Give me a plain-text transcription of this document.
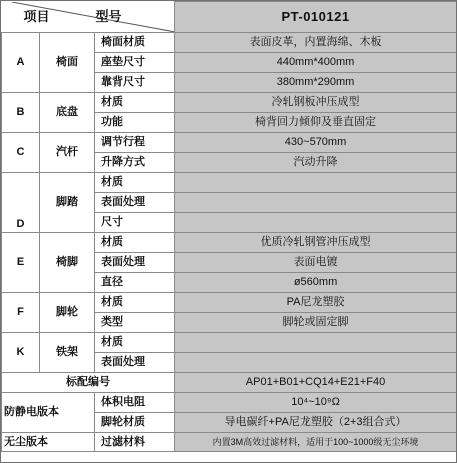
项目 型号			PT-010121
A	椅面	椅面材质	表面皮革，内置海绵、木板
		座垫尺寸	440mm*400mm
		靠背尺寸	380mm*290mm
B	底盘	材质	冷轧钢板冲压成型
		功能	椅背回力倾仰及垂直固定
C	汽杆	调节行程	430~570mm
		升降方式	汽动升降
D	脚踏	材质	
		表面处理	
		尺寸	
E	椅脚	材质	优质冷轧钢管冲压成型
		表面处理	表面电镀
		直径	ø560mm
F	脚轮	材质	PA尼龙塑胶
		类型	脚轮或固定脚
K	铁架	材质	
		表面处理	
标配编号			AP01+B01+CQ14+E21+F40
防静电版本		体积电阻	10⁴~10⁹Ω
		脚轮材质	导电碳纤+PA尼龙塑胶（2+3组合式）
无尘版本		过滤材料	内置3M高效过滤材料，适用于100~1000级无尘环境
